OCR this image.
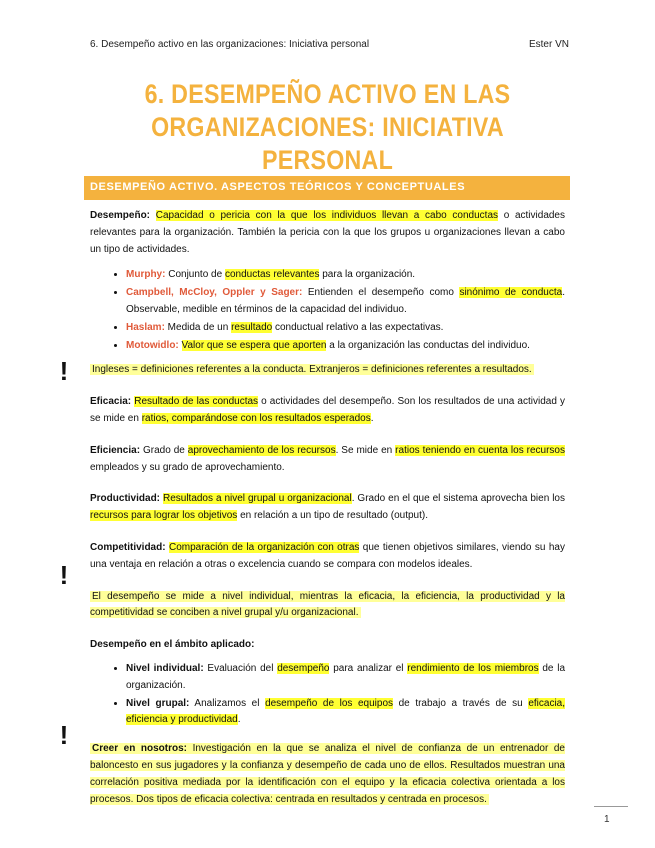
6. Desempeño activo en las organizaciones: Iniciativa personal	Ester VN
6. DESEMPEÑO ACTIVO EN LAS ORGANIZACIONES: INICIATIVA PERSONAL
DESEMPEÑO ACTIVO. ASPECTOS TEÓRICOS Y CONCEPTUALES
!
!
!

Desempeño: Capacidad o pericia con la que los individuos llevan a cabo conductas o actividades relevantes para la organización. También la pericia con la que los grupos u organizaciones llevan a cabo un tipo de actividades.

• Murphy: Conjunto de conductas relevantes para la organización.
• Campbell, McCloy, Oppler y Sager: Entienden el desempeño como sinónimo de conducta. Observable, medible en términos de la capacidad del individuo.
• Haslam: Medida de un resultado conductual relativo a las expectativas.
• Motowidlo: Valor que se espera que aporten a la organización las conductas del individuo.

Ingleses = definiciones referentes a la conducta. Extranjeros = definiciones referentes a resultados.

Eficacia: Resultado de las conductas o actividades del desempeño. Son los resultados de una actividad y se mide en ratios, comparándose con los resultados esperados.

Eficiencia: Grado de aprovechamiento de los recursos. Se mide en ratios teniendo en cuenta los recursos empleados y su grado de aprovechamiento.

Productividad: Resultados a nivel grupal u organizacional. Grado en el que el sistema aprovecha bien los recursos para lograr los objetivos en relación a un tipo de resultado (output).

Competitividad: Comparación de la organización con otras que tienen objetivos similares, viendo su hay una ventaja en relación a otras o excelencia cuando se compara con modelos ideales.

El desempeño se mide a nivel individual, mientras la eficacia, la eficiencia, la productividad y la competitividad se conciben a nivel grupal y/u organizacional.

Desempeño en el ámbito aplicado:

• Nivel individual: Evaluación del desempeño para analizar el rendimiento de los miembros de la organización.
• Nivel grupal: Analizamos el desempeño de los equipos de trabajo a través de su eficacia, eficiencia y productividad.

Creer en nosotros: Investigación en la que se analiza el nivel de confianza de un entrenador de baloncesto en sus jugadores y la confianza y desempeño de cada uno de ellos. Resultados muestran una correlación positiva mediada por la identificación con el equipo y la eficacia colectiva orientada a los procesos. Dos tipos de eficacia colectiva: centrada en resultados y centrada en procesos.

1
